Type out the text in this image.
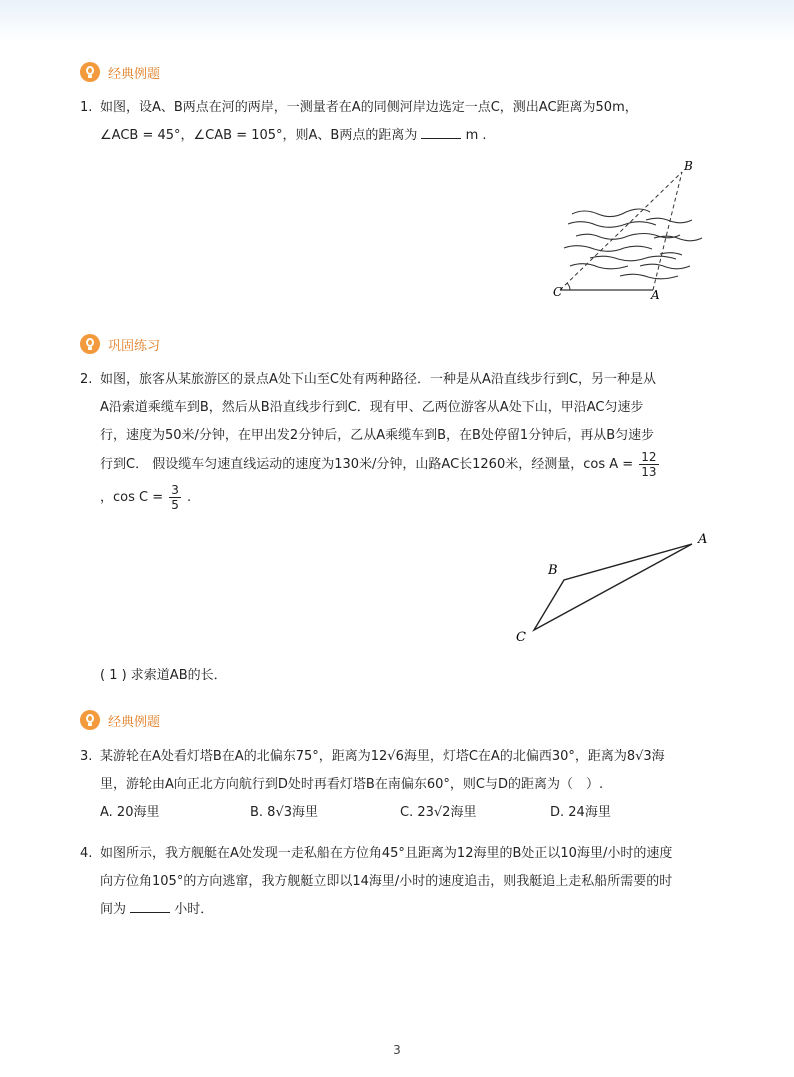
经典例题

1. 如图，设A、B两点在河的两岸，一测量者在A的同侧河岸边选定一点C，测出AC距离为50m，

∠ACB = 45°，∠CAB = 105°，则A、B两点的距离为	m .

B
C	A
巩固练习

2. 如图，旅客从某旅游区的景点A处下山至C处有两种路径．一种是从A沿直线步行到C，另一种是从

A沿索道乘缆车到B，然后从B沿直线步行到C．现有甲、乙两位游客从A处下山，甲沿AC匀速步

行，速度为50米/分钟，在甲出发2分钟后，乙从A乘缆车到B，在B处停留1分钟后，再从B匀速步

行到C． 假设缆车匀速直线运动的速度为130米/分钟，山路AC长1260米，经测量，$\cos A = \frac{12}{13}$

，$\cos C = \frac{3}{5}$ .

A
B
C

( 1 ) 求索道AB的长．

经典例题

3. 某游轮在A处看灯塔B在A的北偏东75°，距离为12√6海里，灯塔C在A的北偏西30°，距离为8√3海

里，游轮由A向正北方向航行到D处时再看灯塔B在南偏东60°，则C与D的距离为（　）.

A. 20海里	B. 8√3海里	C. 23√2海里	D. 24海里

4. 如图所示，我方舰艇在A处发现一走私船在方位角45°且距离为12海里的B处正以10海里/小时的速度

向方位角105°的方向逃窜，我方舰艇立即以14海里/小时的速度追击，则我艇追上走私船所需要的时

间为	小时．

3
